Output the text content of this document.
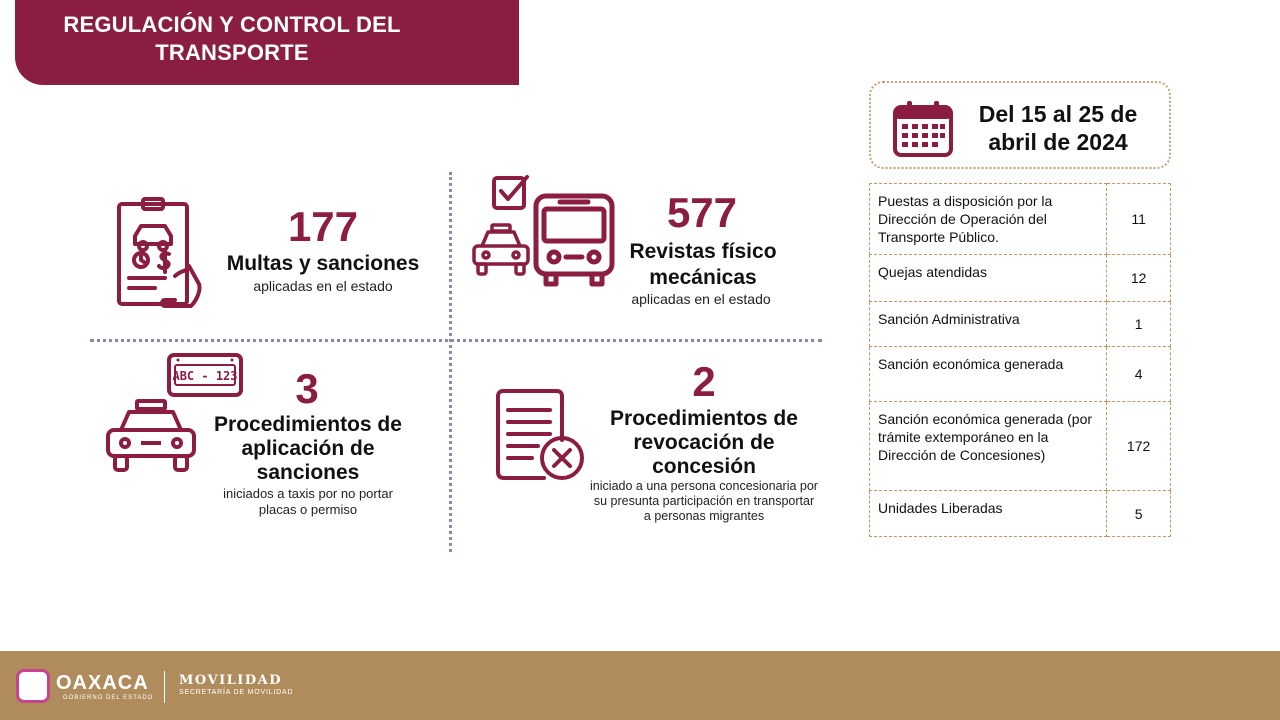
REGULACIÓN Y CONTROL DEL TRANSPORTE
177
Multas y sanciones
aplicadas en el estado
577
Revistas físico mecánicas
aplicadas en el estado
ABC - 123	3
Procedimientos de aplicación de sanciones
iniciados a taxis por no portar placas o permiso
2
Procedimientos de revocación de concesión
iniciado a una persona concesionaria por su presunta participación en transportar a personas migrantes
Del 15 al 25 de abril de 2024
Puestas a disposición por la Dirección de Operación del Transporte Público.	11
Quejas atendidas	12
Sanción Administrativa	1
Sanción económica generada	4
Sanción económica generada (por trámite extemporáneo en la Dirección de Concesiones)	172
Unidades Liberadas	5
OAXACA
GOBIERNO DEL ESTADO
MOVILIDAD
SECRETARÍA DE MOVILIDAD
